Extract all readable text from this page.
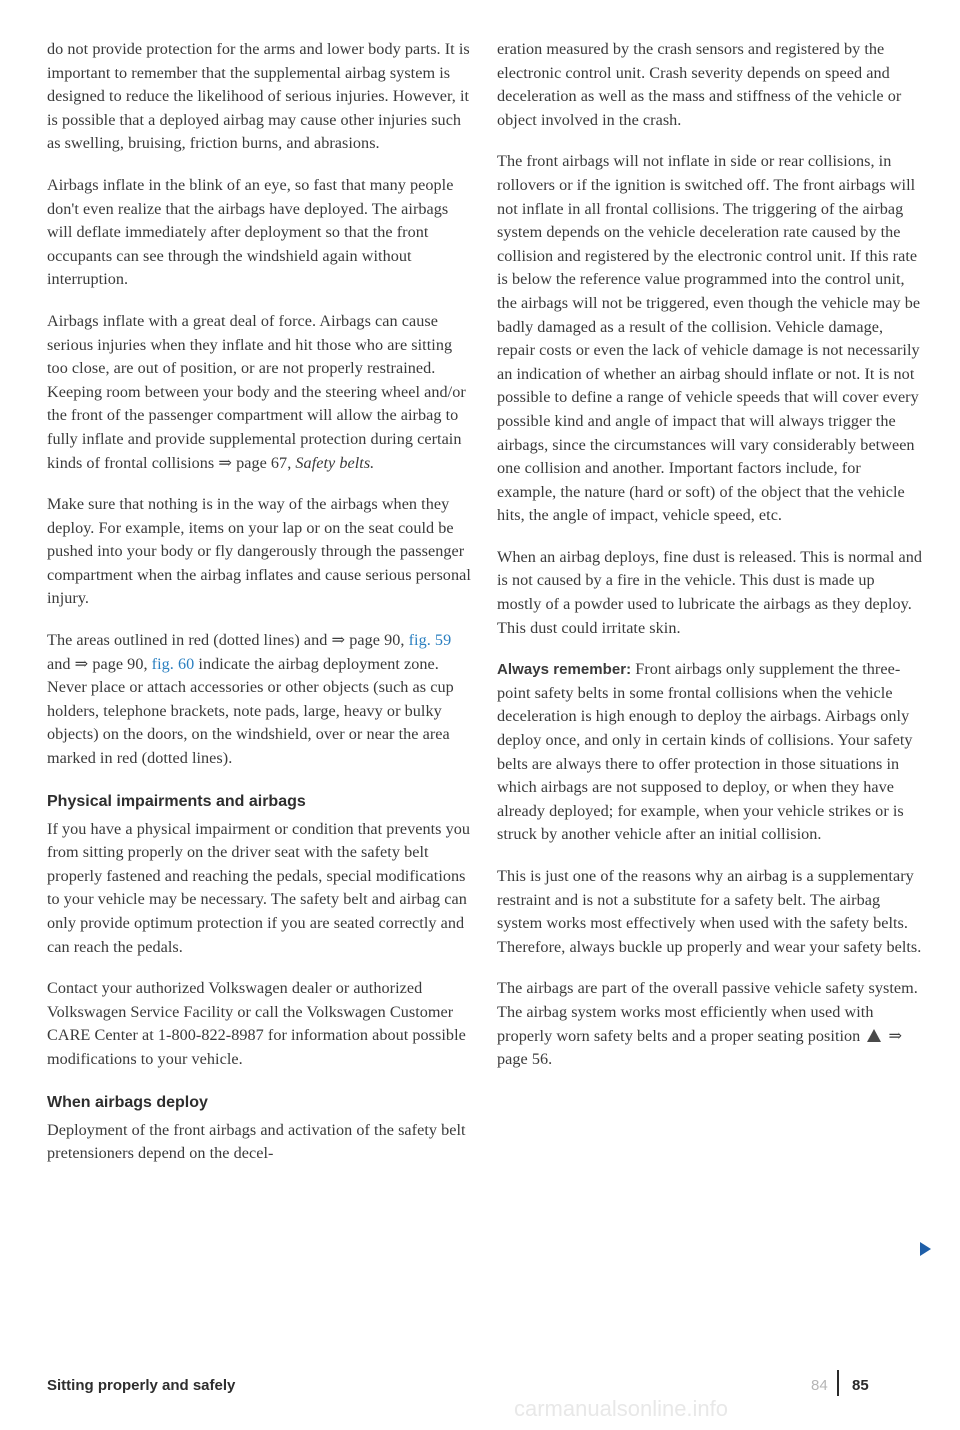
do not provide protection for the arms and lower body parts. It is important to remember that the supplemental airbag system is designed to reduce the likelihood of serious injuries. However, it is possible that a deployed airbag may cause other injuries such as swelling, bruising, friction burns, and abrasions.

Airbags inflate in the blink of an eye, so fast that many people don't even realize that the airbags have deployed. The airbags will deflate immediately after deployment so that the front occupants can see through the windshield again without interruption.

Airbags inflate with a great deal of force. Airbags can cause serious injuries when they inflate and hit those who are sitting too close, are out of position, or are not properly restrained. Keeping room between your body and the steering wheel and/or the front of the passenger compartment will allow the airbag to fully inflate and provide supplemental protection during certain kinds of frontal collisions ⇒ page 67, Safety belts.

Make sure that nothing is in the way of the airbags when they deploy. For example, items on your lap or on the seat could be pushed into your body or fly dangerously through the passenger compartment when the airbag inflates and cause serious personal injury.

The areas outlined in red (dotted lines) and ⇒ page 90, fig. 59 and ⇒ page 90, fig. 60 indicate the airbag deployment zone. Never place or attach accessories or other objects (such as cup holders, telephone brackets, note pads, large, heavy or bulky objects) on the doors, on the windshield, over or near the area marked in red (dotted lines).

Physical impairments and airbags

If you have a physical impairment or condition that prevents you from sitting properly on the driver seat with the safety belt properly fastened and reaching the pedals, special modifications to your vehicle may be necessary. The safety belt and airbag can only provide optimum protection if you are seated correctly and can reach the pedals.

Contact your authorized Volkswagen dealer or authorized Volkswagen Service Facility or call the Volkswagen Customer CARE Center at 1-800-822-8987 for information about possible modifications to your vehicle.

When airbags deploy

Deployment of the front airbags and activation of the safety belt pretensioners depend on the decel-

eration measured by the crash sensors and registered by the electronic control unit. Crash severity depends on speed and deceleration as well as the mass and stiffness of the vehicle or object involved in the crash.

The front airbags will not inflate in side or rear collisions, in rollovers or if the ignition is switched off. The front airbags will not inflate in all frontal collisions. The triggering of the airbag system depends on the vehicle deceleration rate caused by the collision and registered by the electronic control unit. If this rate is below the reference value programmed into the control unit, the airbags will not be triggered, even though the vehicle may be badly damaged as a result of the collision. Vehicle damage, repair costs or even the lack of vehicle damage is not necessarily an indication of whether an airbag should inflate or not. It is not possible to define a range of vehicle speeds that will cover every possible kind and angle of impact that will always trigger the airbags, since the circumstances will vary considerably between one collision and another. Important factors include, for example, the nature (hard or soft) of the object that the vehicle hits, the angle of impact, vehicle speed, etc.

When an airbag deploys, fine dust is released. This is normal and is not caused by a fire in the vehicle. This dust is made up mostly of a powder used to lubricate the airbags as they deploy. This dust could irritate skin.

Always remember: Front airbags only supplement the three-point safety belts in some frontal collisions when the vehicle deceleration is high enough to deploy the airbags. Airbags only deploy once, and only in certain kinds of collisions. Your safety belts are always there to offer protection in those situations in which airbags are not supposed to deploy, or when they have already deployed; for example, when your vehicle strikes or is struck by another vehicle after an initial collision.

This is just one of the reasons why an airbag is a supplementary restraint and is not a substitute for a safety belt. The airbag system works most effectively when used with the safety belts. Therefore, always buckle up properly and wear your safety belts.

The airbags are part of the overall passive vehicle safety system. The airbag system works most efficiently when used with properly worn safety belts and a proper seating position  ⇒ page 56.

Sitting properly and safely	84 85
carmanualsonline.info
